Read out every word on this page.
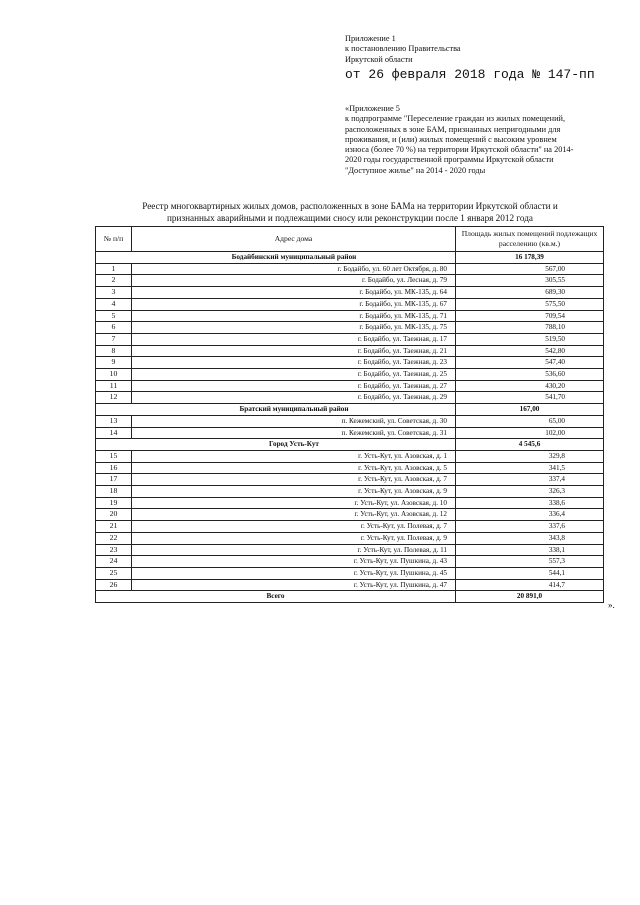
Приложение 1
к постановлению Правительства
Иркутской области
от 26 февраля 2018 года № 147-пп
«Приложение 5
к подпрограмме "Переселение граждан из жилых помещений,
расположенных в зоне БАМ, признанных непригодными для
проживания, и (или) жилых помещений с высоким уровнем
износа (более 70 %) на территории Иркутской области" на 2014-
2020 годы государственной программы Иркутской области
"Доступное жилье" на 2014 - 2020 годы
Реестр многоквартирных жилых домов, расположенных в зоне БАМа на территории Иркутской области и
признанных аварийными и подлежащими сносу или реконструкции после 1 января 2012 года
№ п/п	Адрес дома	Площадь жилых помещений подлежащих расселению (кв.м.)
Бодайбинский муниципальный район		16 178,39
1	г. Бодайбо, ул. 60 лет Октября, д. 80	567,00
2	г. Бодайбо, ул. Лесная, д. 79	305,55
3	г. Бодайбо, ул. МК-135, д. 64	689,30
4	г. Бодайбо, ул. МК-135, д. 67	575,50
5	г. Бодайбо, ул. МК-135, д. 71	709,54
6	г. Бодайбо, ул. МК-135, д. 75	788,10
7	г. Бодайбо, ул. Таежная, д. 17	519,50
8	г. Бодайбо, ул. Таежная, д. 21	542,80
9	г. Бодайбо, ул. Таежная, д. 23	547,40
10	г. Бодайбо, ул. Таежная, д. 25	536,60
11	г. Бодайбо, ул. Таежная, д. 27	430,20
12	г. Бодайбо, ул. Таежная, д. 29	541,70
Братский муниципальный район		167,00
13	п. Кежемский, ул. Советская, д. 30	65,00
14	п. Кежемский, ул. Советская, д. 31	102,00
Город Усть-Кут		4 545,6
15	г. Усть-Кут, ул. Азовская, д. 1	329,8
16	г. Усть-Кут, ул. Азовская, д. 5	341,5
17	г. Усть-Кут, ул. Азовская, д. 7	337,4
18	г. Усть-Кут, ул. Азовская, д. 9	326,3
19	г. Усть-Кут, ул. Азовская, д. 10	338,6
20	г. Усть-Кут, ул. Азовская, д. 12	336,4
21	г. Усть-Кут, ул. Полевая, д. 7	337,6
22	г. Усть-Кут, ул. Полевая, д. 9	343,8
23	г. Усть-Кут, ул. Полевая, д. 11	338,1
24	г. Усть-Кут, ул. Пушкина, д. 43	557,3
25	г. Усть-Кут, ул. Пушкина, д. 45	544,1
26	г. Усть-Кут, ул. Пушкина, д. 47	414,7
Всего		20 891,0
».
